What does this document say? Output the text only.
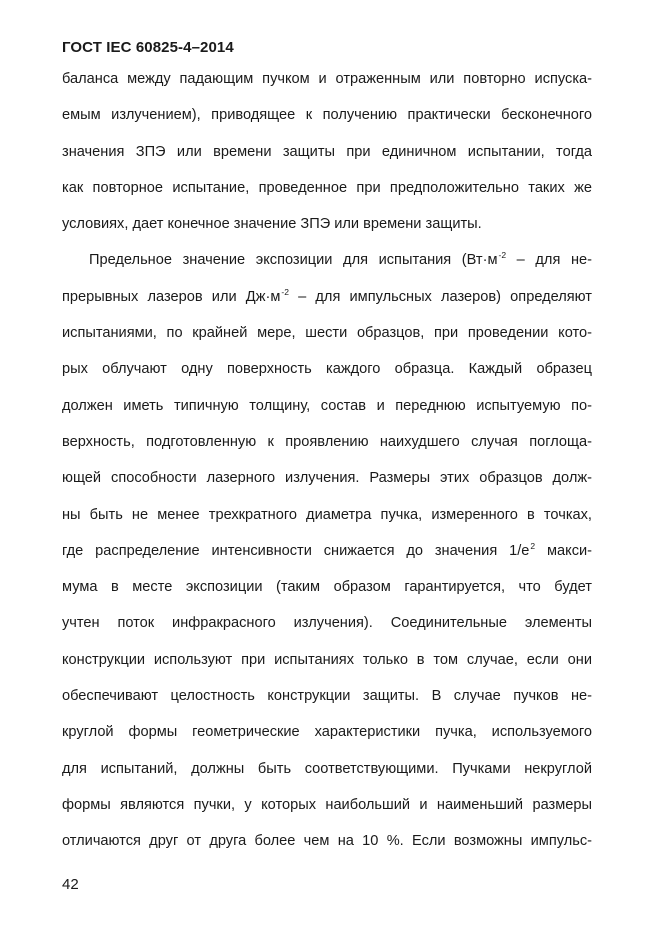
ГОСТ IEC 60825-4–2014
баланса между падающим пучком и отраженным или повторно испуска-
емым излучением), приводящее к получению практически бесконечного
значения ЗПЭ или времени защиты при единичном испытании, тогда
как повторное испытание, проведенное при предположительно таких же
условиях, дает конечное значение ЗПЭ или времени защиты.
Предельное значение экспозиции для испытания ($Вт\cdot м^{-2}$ – для не-
прерывных лазеров или $Дж\cdot м^{-2}$ – для импульсных лазеров) определяют
испытаниями, по крайней мере, шести образцов, при проведении кото-
рых облучают одну поверхность каждого образца. Каждый образец
должен иметь типичную толщину, состав и переднюю испытуемую по-
верхность, подготовленную к проявлению наихудшего случая поглоща-
ющей способности лазерного излучения. Размеры этих образцов долж-
ны быть не менее трехкратного диаметра пучка, измеренного в точках,
где распределение интенсивности снижается до значения $1/e^2$ макси-
мума в месте экспозиции (таким образом гарантируется, что будет
учтен поток инфракрасного излучения). Соединительные элементы
конструкции используют при испытаниях только в том случае, если они
обеспечивают целостность конструкции защиты. В случае пучков не-
круглой формы геометрические характеристики пучка, используемого
для испытаний, должны быть соответствующими. Пучками некруглой
формы являются пучки, у которых наибольший и наименьший размеры
отличаются друг от друга более чем на 10 %. Если возможны импульс-
42
